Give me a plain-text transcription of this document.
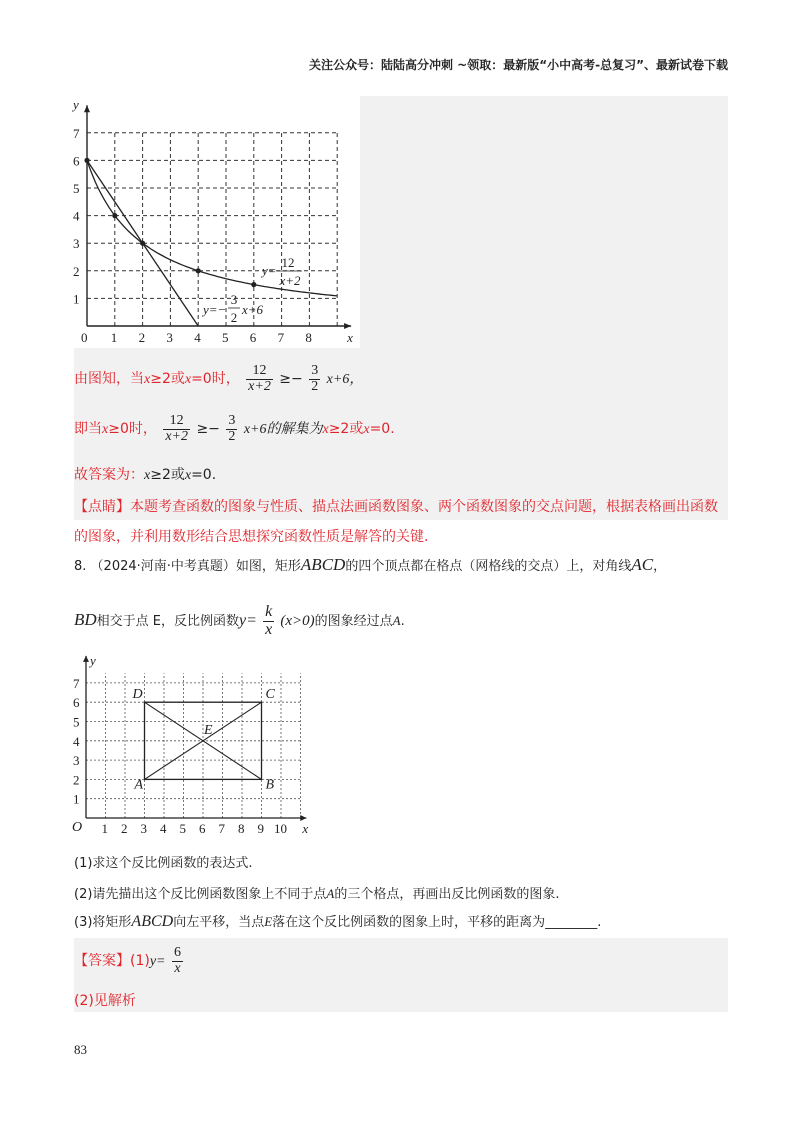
关注公众号：陆陆高分冲刺 ~领取：最新版“小中高考-总复习”、最新试卷下载
0 1 2 3 4 5 6 7 8
1
2
3
4
5
6
7
x
y
y=
12
x+2
y=−
3
2
x+6
由图知，当x≥2或x=0时， $\frac{12}{x+2} \ge- \frac{3}{2} x+6$，
即当x≥0时， $\frac{12}{x+2} \ge- \frac{3}{2} x+6$的解集为x≥2或x=0.
故答案为：x≥2或x=0.
【点睛】本题考查函数的图象与性质、描点法画函数图象、两个函数图象的交点问题，根据表格画出函数
的图象，并利用数形结合思想探究函数性质是解答的关键.
8. （2024·河南·中考真题）如图，矩形ABCD的四个顶点都在格点（网格线的交点）上，对角线AC，
BD相交于点 E，反比例函数$y= \frac{k}{x} (x>0)$的图象经过点A.
1 2 3 4 5 6 7 8 9 10
1
2
3
4
5
6
7
O	x
y
A	B
C
D
E
(1)求这个反比例函数的表达式.
(2)请先描出这个反比例函数图象上不同于点A的三个格点，再画出反比例函数的图象.
(3)将矩形ABCD向左平移，当点E落在这个反比例函数的图象上时，平移的距离为________.
【答案】$(1)y= \frac{6}{x}$
(2)见解析
83
